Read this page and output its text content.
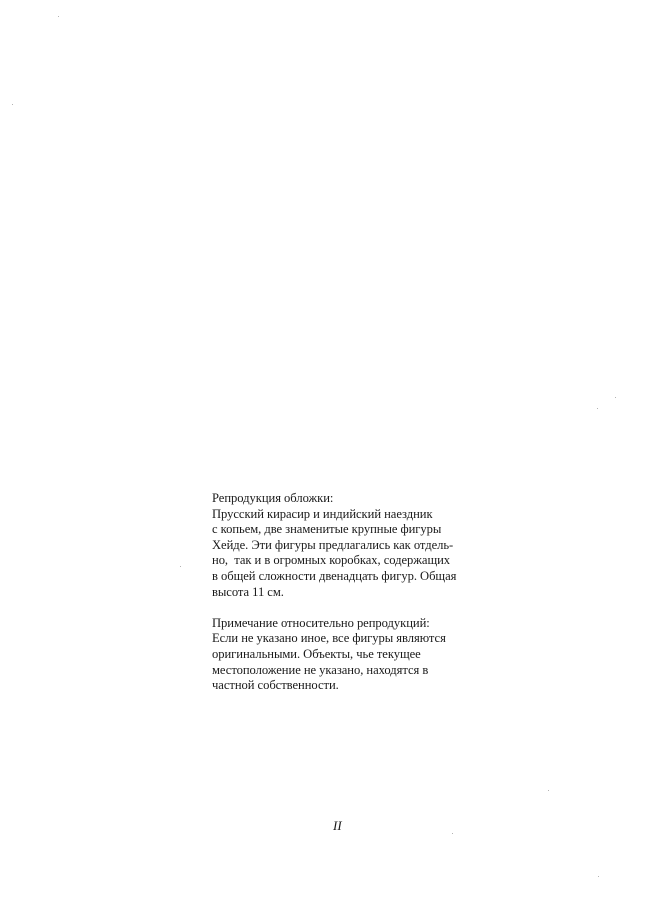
Репродукция обложки:
Прусский кирасир и индийский наездник
с копьем, две знаменитые крупные фигуры
Хейде. Эти фигуры предлагались как отдель-
но,  так и в огромных коробках, содержащих
в общей сложности двенадцать фигур. Общая
высота 11 см.
Примечание относительно репродукций:
Если не указано иное, все фигуры являются
оригинальными. Объекты, чье текущее
местоположение не указано, находятся в
частной собственности.
II
